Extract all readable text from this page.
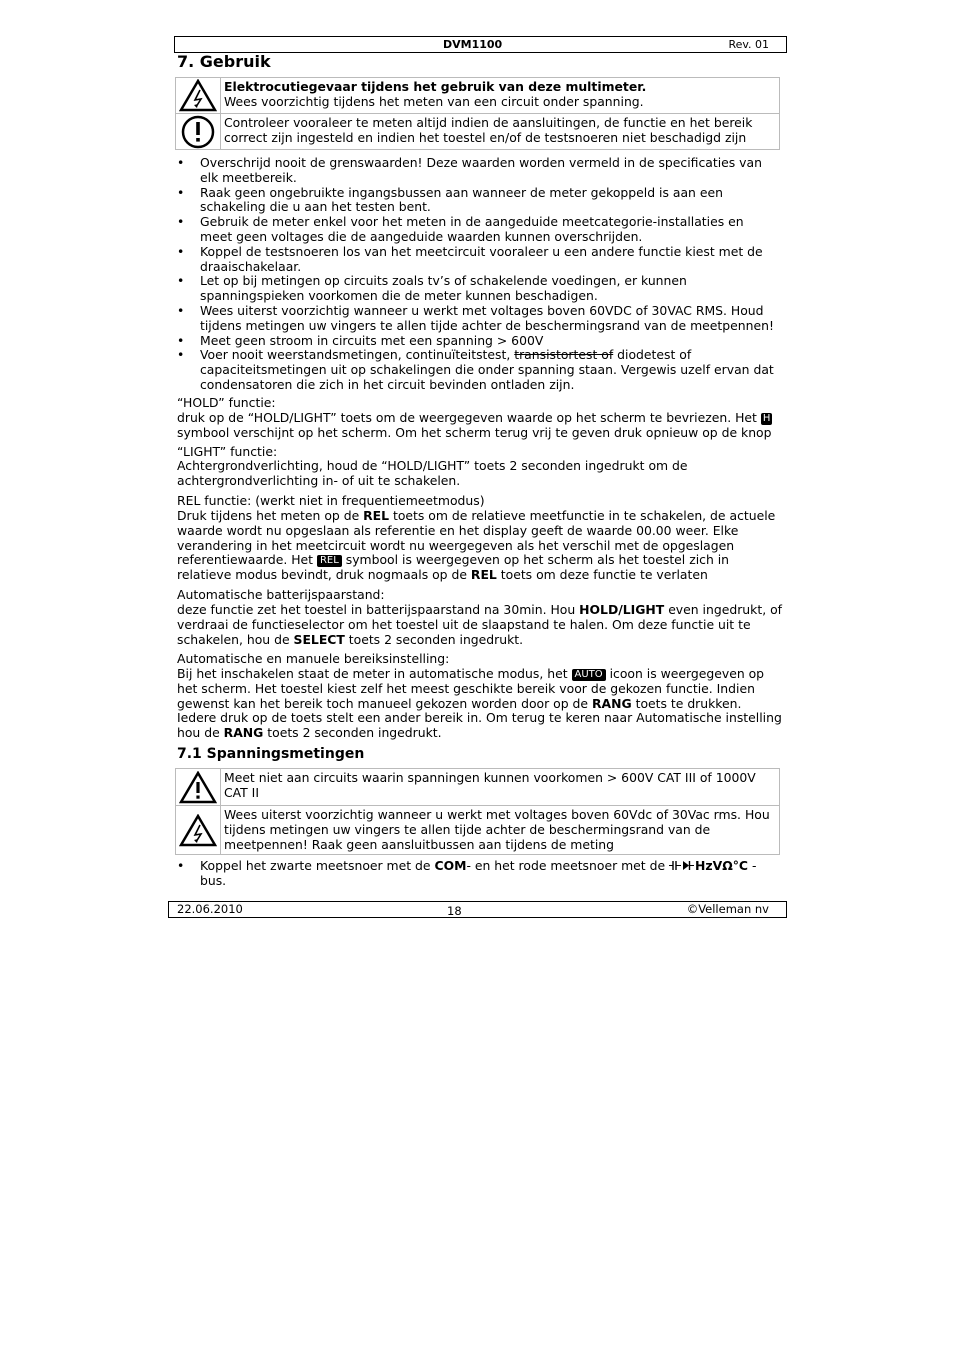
DVM1100	Rev. 01
7. Gebruik
	Elektrocutiegevaar tijdens het gebruik van deze multimeter.
Wees voorzichtig tijdens het meten van een circuit onder spanning.

	Controleer vooraleer te meten altijd indien de aansluitingen, de functie en het bereik correct zijn ingesteld en indien het toestel en/of de testsnoeren niet beschadigd zijn
• Overschrijd nooit de grenswaarden! Deze waarden worden vermeld in de specificaties van elk meetbereik.
• Raak geen ongebruikte ingangsbussen aan wanneer de meter gekoppeld is aan een schakeling die u aan het testen bent.
• Gebruik de meter enkel voor het meten in de aangeduide meetcategorie-installaties en meet geen voltages die de aangeduide waarden kunnen overschrijden.
• Koppel de testsnoeren los van het meetcircuit vooraleer u een andere functie kiest met de draaischakelaar.
• Let op bij metingen op circuits zoals tv’s of schakelende voedingen, er kunnen spanningspieken voorkomen die de meter kunnen beschadigen.
• Wees uiterst voorzichtig wanneer u werkt met voltages boven 60VDC of 30VAC RMS. Houd tijdens metingen uw vingers te allen tijde achter de beschermingsrand van de meetpennen!
• Meet geen stroom in circuits met een spanning > 600V
• Voer nooit weerstandsmetingen, continuïteitstest, transistortest of diodetest of capaciteitsmetingen uit op schakelingen die onder spanning staan. Vergewis uzelf ervan dat condensatoren die zich in het circuit bevinden ontladen zijn.

“HOLD” functie:

druk op de “HOLD/LIGHT” toets om de weergegeven waarde op het scherm te bevriezen. Het H symbool verschijnt op het scherm. Om het scherm terug vrij te geven druk opnieuw op de knop

“LIGHT” functie:

Achtergrondverlichting, houd de “HOLD/LIGHT” toets 2 seconden ingedrukt om de achtergrondverlichting in- of uit te schakelen.

REL functie: (werkt niet in frequentiemeetmodus)

Druk tijdens het meten op de REL toets om de relatieve meetfunctie in te schakelen, de actuele waarde wordt nu opgeslaan als referentie en het display geeft de waarde 00.00 weer. Elke verandering in het meetcircuit wordt nu weergegeven als het verschil met de opgeslagen referentiewaarde. Het REL symbool is weergegeven op het scherm als het toestel zich in relatieve modus bevindt, druk nogmaals op de REL toets om deze functie te verlaten

Automatische batterijspaarstand:

deze functie zet het toestel in batterijspaarstand na 30min. Hou HOLD/LIGHT even ingedrukt, of verdraai de functieselector om het toestel uit de slaapstand te halen. Om deze functie uit te schakelen, hou de SELECT toets 2 seconden ingedrukt.

Automatische en manuele bereiksinstelling:

Bij het inschakelen staat de meter in automatische modus, het AUTO icoon is weergegeven op het scherm. Het toestel kiest zelf het meest geschikte bereik voor de gekozen functie. Indien gewenst kan het bereik toch manueel gekozen worden door op de RANG toets te drukken. Iedere druk op de toets stelt een ander bereik in. Om terug te keren naar Automatische instelling hou de RANG toets 2 seconden ingedrukt.

7.1 Spanningsmetingen
	Meet niet aan circuits waarin spanningen kunnen voorkomen > 600V CAT III of 1000V CAT II

	Wees uiterst voorzichtig wanneer u werkt met voltages boven 60Vdc of 30Vac rms. Hou tijdens metingen uw vingers te allen tijde achter de beschermingsrand van de meetpennen! Raak geen aansluitbussen aan tijdens de meting
• Koppel het zwarte meetsnoer met de COM- en het rode meetsnoer met de HzVΩ°C -bus.
22.06.2010	18	©Velleman nv
